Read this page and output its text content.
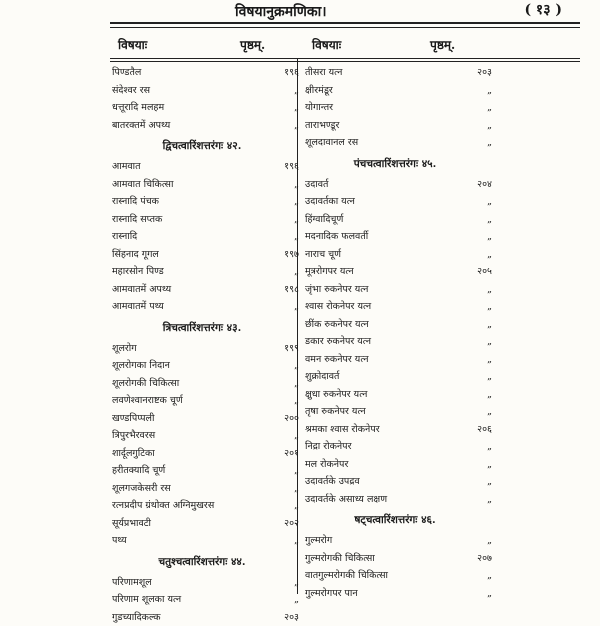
विषयानुक्रमणिका।	( १३ )
विषयाः	पृष्ठम्.	विषयाः	पृष्ठम्.
पिण्डतैल	१९६
संदेश्वर रस	„
धत्तूरादि मलहम	„
बातरक्तमें अपथ्य	„
द्विचत्वारिंशत्तरंगः ४२.
आमवात	१९६
आमवात चिकित्सा	„
रास्नादि पंचक	„
रास्नादि सप्तक	„
रास्नादि	„
सिंहनाद गूगल	१९७
महारसोन पिण्ड	„
आमवातमें अपथ्य	१९८
आमवातमें पथ्य	„
त्रिचत्वारिंशत्तरंगः ४३.
शूलरोग	१९९
शूलरोगका निदान	„
शूलरोगकी चिकित्सा	„
लवणेश्वानराष्टक चूर्ण	„
खण्डपिप्पली	२००
त्रिपुरभैरवरस	„
शार्दूलगुटिका	२०१
हरीतक्यादि चूर्ण	„
शूलगजकेसरी रस	„
रत्नप्रदीप ग्रंथोक्त अग्निमुखरस	„
सूर्यप्रभावटी	२०२
पथ्य	„
चतुश्चत्वारिंशत्तरंगः ४४.
परिणामशूल	„
परिणाम शूलका यत्न	„
गुडच्यादिकल्क	२०३
तीसरा यत्न	२०३
क्षीरमंडूर	„
योगान्तर	„
ताराभण्डूर	„
शूलदावानल रस	„
पंचचत्वारिंशत्तरंगः ४५.
उदावर्त	२०४
उदावर्तका यत्न	„
हिंग्वादिचूर्ण	„
मदनादिक फलवर्ती	„
नाराच चूर्ण	„
मूत्ररोगपर यत्न	२०५
जृंभा रुकनेपर यत्न	„
श्वास रोकनेपर यत्न	„
छींक रुकनेपर यत्न	„
डकार रुकनेपर यत्न	„
वमन रुकनेपर यत्न	„
शुक्रोदावर्त	„
क्षुधा रुकनेपर यत्न	„
तृषा रुकनेपर यत्न	„
श्रमका श्वास रोकनेपर	२०६
निद्रा रोकनेपर	„
मल रोकनेपर	„
उदावर्तके उपद्रव	„
उदावर्तके असाध्य लक्षण	„
षट्चत्वारिंशत्तरंगः ४६.
गुल्मरोग	„
गुल्मरोगकी चिकित्सा	२०७
वातगुल्मरोगकी चिकित्सा	„
गुल्मरोगपर पान	„
